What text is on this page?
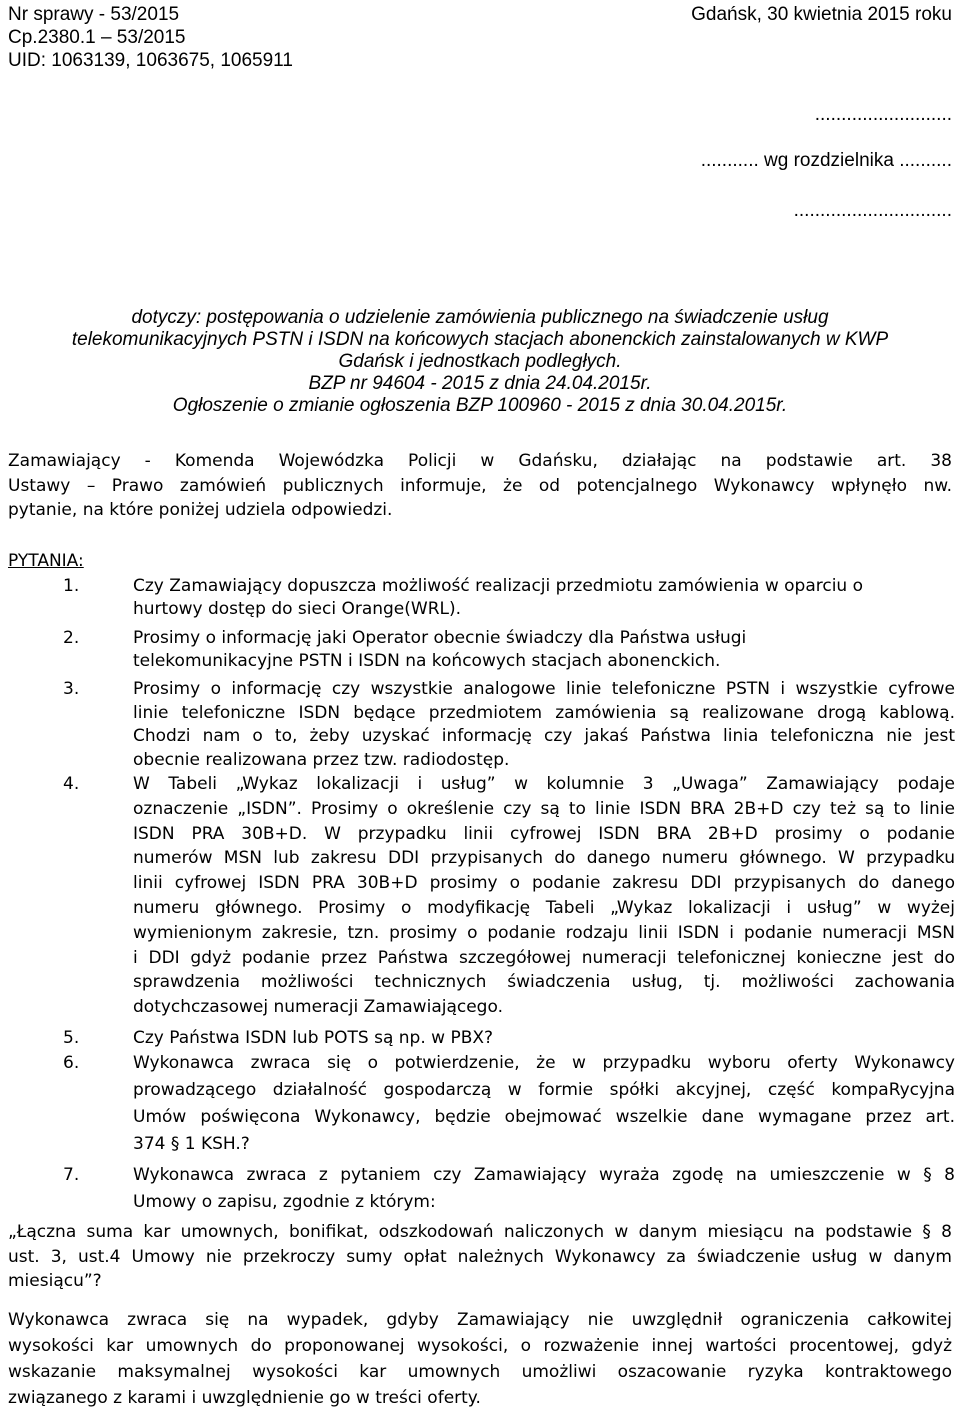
Nr sprawy - 53/2015
Cp.2380.1 – 53/2015
UID: 1063139, 1063675, 1065911
Gdańsk, 30 kwietnia 2015 roku
..........................
........... wg rozdzielnika ..........
..............................
dotyczy: postępowania o udzielenie zamówienia publicznego na świadczenie usług
telekomunikacyjnych PSTN i ISDN na końcowych stacjach abonenckich zainstalowanych w KWP
Gdańsk i jednostkach podległych.
BZP nr 94604 - 2015 z dnia 24.04.2015r.
Ogłoszenie o zmianie ogłoszenia BZP 100960 - 2015 z dnia 30.04.2015r.
Zamawiający - Komenda Wojewódzka Policji w Gdańsku, działając na podstawie art. 38
Ustawy – Prawo zamówień publicznych informuje, że od potencjalnego Wykonawcy wpłynęło nw.
pytanie, na które poniżej udziela odpowiedzi.
PYTANIA:
1.	Czy Zamawiający dopuszcza możliwość realizacji przedmiotu zamówienia w oparciu o
hurtowy dostęp do sieci Orange(WRL).
2.	Prosimy o informację jaki Operator obecnie świadczy dla Państwa usługi
telekomunikacyjne PSTN i ISDN na końcowych stacjach abonenckich.
3.	Prosimy o informację czy wszystkie analogowe linie telefoniczne PSTN i wszystkie cyfrowe
linie telefoniczne ISDN będące przedmiotem zamówienia są realizowane drogą kablową.
Chodzi nam o to, żeby uzyskać informację czy jakaś Państwa linia telefoniczna nie jest
obecnie realizowana przez tzw. radiodostęp.
4.	W Tabeli „Wykaz lokalizacji i usług” w kolumnie 3 „Uwaga” Zamawiający podaje
oznaczenie „ISDN”. Prosimy o określenie czy są to linie ISDN BRA 2B+D czy też są to linie
ISDN PRA 30B+D. W przypadku linii cyfrowej ISDN BRA 2B+D prosimy o podanie
numerów MSN lub zakresu DDI przypisanych do danego numeru głównego. W przypadku
linii cyfrowej ISDN PRA 30B+D prosimy o podanie zakresu DDI przypisanych do danego
numeru głównego. Prosimy o modyfikację Tabeli „Wykaz lokalizacji i usług” w wyżej
wymienionym zakresie, tzn. prosimy o podanie rodzaju linii ISDN i podanie numeracji MSN
i DDI gdyż podanie przez Państwa szczegółowej numeracji telefonicznej konieczne jest do
sprawdzenia możliwości technicznych świadczenia usług, tj. możliwości zachowania
dotychczasowej numeracji Zamawiającego.
5.	Czy Państwa ISDN lub POTS są np. w PBX?
6.	Wykonawca zwraca się o potwierdzenie, że w przypadku wyboru oferty Wykonawcy
prowadzącego działalność gospodarczą w formie spółki akcyjnej, część kompaRycyjna
Umów poświęcona Wykonawcy, będzie obejmować wszelkie dane wymagane przez art.
374 § 1 KSH.?
7.	Wykonawca zwraca z pytaniem czy Zamawiający wyraża zgodę na umieszczenie w § 8
Umowy o zapisu, zgodnie z którym:
„Łączna suma kar umownych, bonifikat, odszkodowań naliczonych w danym miesiącu na podstawie § 8
ust. 3, ust.4 Umowy nie przekroczy sumy opłat należnych Wykonawcy za świadczenie usług w danym
miesiącu”?
Wykonawca zwraca się na wypadek, gdyby Zamawiający nie uwzględnił ograniczenia całkowitej
wysokości kar umownych do proponowanej wysokości, o rozważenie innej wartości procentowej, gdyż
wskazanie maksymalnej wysokości kar umownych umożliwi oszacowanie ryzyka kontraktowego
związanego z karami i uwzględnienie go w treści oferty.
